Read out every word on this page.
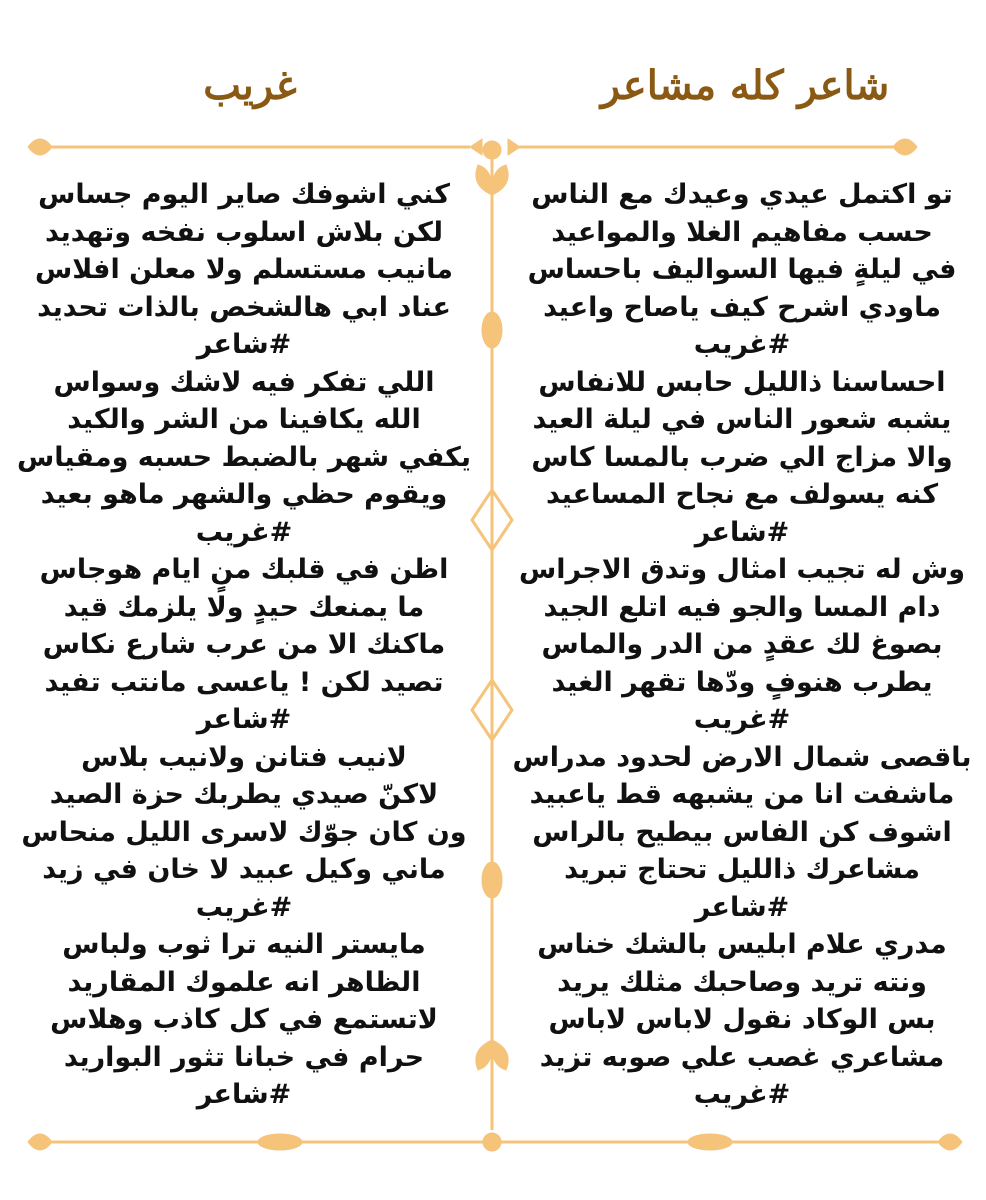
شاعر كله مشاعر
غريب
تو اكتمل عيدي وعيدك مع الناس
حسب مفاهيم الغلا والمواعيد
في ليلةٍ فيها السواليف باحساس
ماودي اشرح كيف ياصاح واعيد
#غريب
احساسنا ذالليل حابس للانفاس
يشبه شعور الناس في ليلة العيد
والا مزاج الي ضرب بالمسا كاس
كنه يسولف مع نجاح المساعيد
#شاعر
وش له تجيب امثال وتدق الاجراس
دام المسا والجو فيه اتلع الجيد
بصوغ لك عقدٍ من الدر والماس
يطرب هنوفٍ ودّها تقهر الغيد
#غريب
باقصى شمال الارض لحدود مدراس
ماشفت انا من يشبهه قط ياعبيد
اشوف كن الفاس بيطيح بالراس
مشاعرك ذالليل تحتاج تبريد
#شاعر
مدري علام ابليس بالشك خناس
ونته تريد وصاحبك مثلك يريد
بس الوكاد نقول لاباس لاباس
مشاعري غصب علي صوبه تزيد
#غريب
كني اشوفك صاير اليوم جساس
لكن بلاش اسلوب نفخه وتهديد
مانيب مستسلم ولا معلن افلاس
عناد ابي هالشخص بالذات تحديد
#شاعر
اللي تفكر فيه لاشك وسواس
الله يكافينا من الشر والكيد
يكفي شهر بالضبط حسبه ومقياس
ويقوم حظي والشهر ماهو بعيد
#غريب
اظن في قلبك منٍ ايام هوجاس
ما يمنعك حيدٍ ولا يلزمك قيد
ماكنك الا من عرب شارع نكاس
تصيد لكن ! ياعسى مانتب تفيد
#شاعر
لانيب فتانن ولانيب بلاس
لاكنّ صيدي يطربك حزة الصيد
ون كان جوّك لاسرى الليل منحاس
ماني وكيل عبيد لا خان في زيد
#غريب
مايستر النيه ترا ثوب ولباس
الظاهر انه علموك المقاريد
لاتستمع في كل كاذب وهلاس
حرام في خبانا تثور البواريد
#شاعر
